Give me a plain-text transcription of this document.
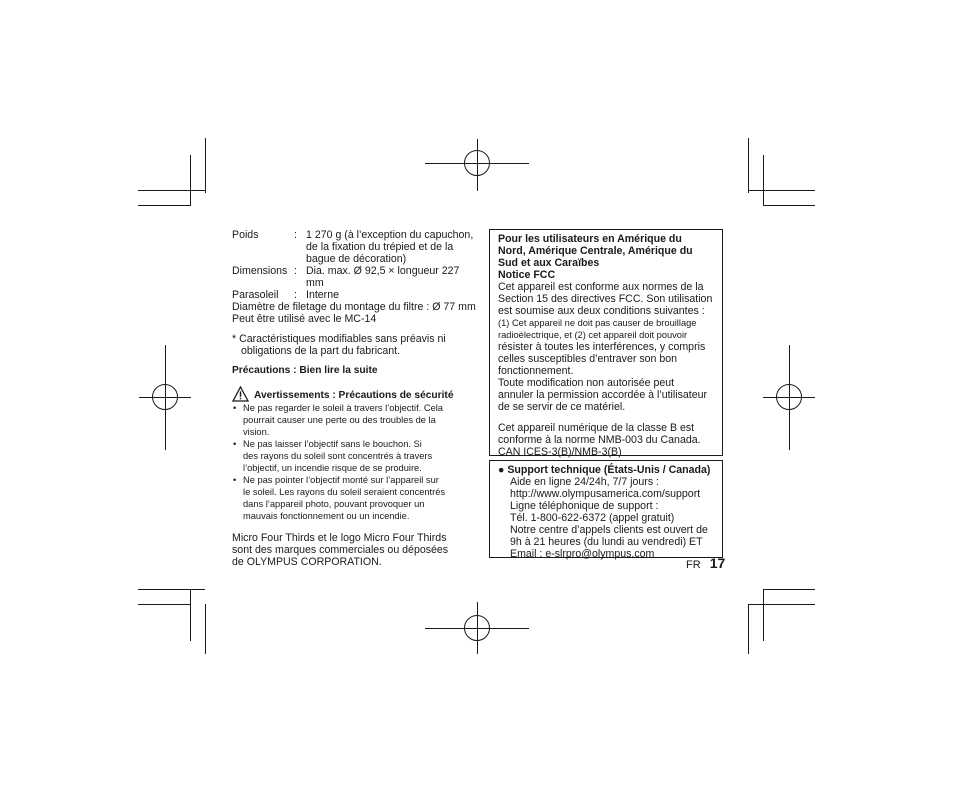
Poids	: 1 270 g (à l’exception du capuchon,
de la fixation du trépied et de la
bague de décoration)
Dimensions : Dia. max. Ø 92,5 × longueur 227 mm
Parasoleil	: Interne

Diamètre de filetage du montage du filtre : Ø 77 mm

Peut être utilisé avec le MC-14

* Caractéristiques modifiables sans préavis ni
obligations de la part du fabricant.
Précautions : Bien lire la suite
Avertissements : Précautions de sécurité
• Ne pas regarder le soleil à travers l’objectif. Cela
pourrait causer une perte ou des troubles de la
vision.
• Ne pas laisser l’objectif sans le bouchon. Si
des rayons du soleil sont concentrés à travers
l’objectif, un incendie risque de se produire.
• Ne pas pointer l’objectif monté sur l’appareil sur
le soleil. Les rayons du soleil seraient concentrés
dans l’appareil photo, pouvant provoquer un
mauvais fonctionnement ou un incendie.
Micro Four Thirds et le logo Micro Four Thirds
sont des marques commerciales ou déposées
de OLYMPUS CORPORATION.
Pour les utilisateurs en Amérique du
Nord, Amérique Centrale, Amérique du
Sud et aux Caraïbes
Notice FCC
Cet appareil est conforme aux normes de la
Section 15 des directives FCC. Son utilisation
est soumise aux deux conditions suivantes :
(1) Cet appareil ne doit pas causer de brouillage
radioélectrique, et (2) cet appareil doit pouvoir
résister à toutes les interférences, y compris
celles susceptibles d’entraver son bon
fonctionnement.
Toute modification non autorisée peut
annuler la permission accordée à l’utilisateur
de se servir de ce matériel.
Cet appareil numérique de la classe B est
conforme à la norme NMB-003 du Canada.
CAN ICES-3(B)/NMB-3(B)
● Support technique (États-Unis / Canada)
Aide en ligne 24/24h, 7/7 jours :
http://www.olympusamerica.com/support
Ligne téléphonique de support :
Tél. 1-800-622-6372 (appel gratuit)
Notre centre d’appels clients est ouvert de
9h à 21 heures (du lundi au vendredi) ET
Email : e-slrpro@olympus.com
FR 17
